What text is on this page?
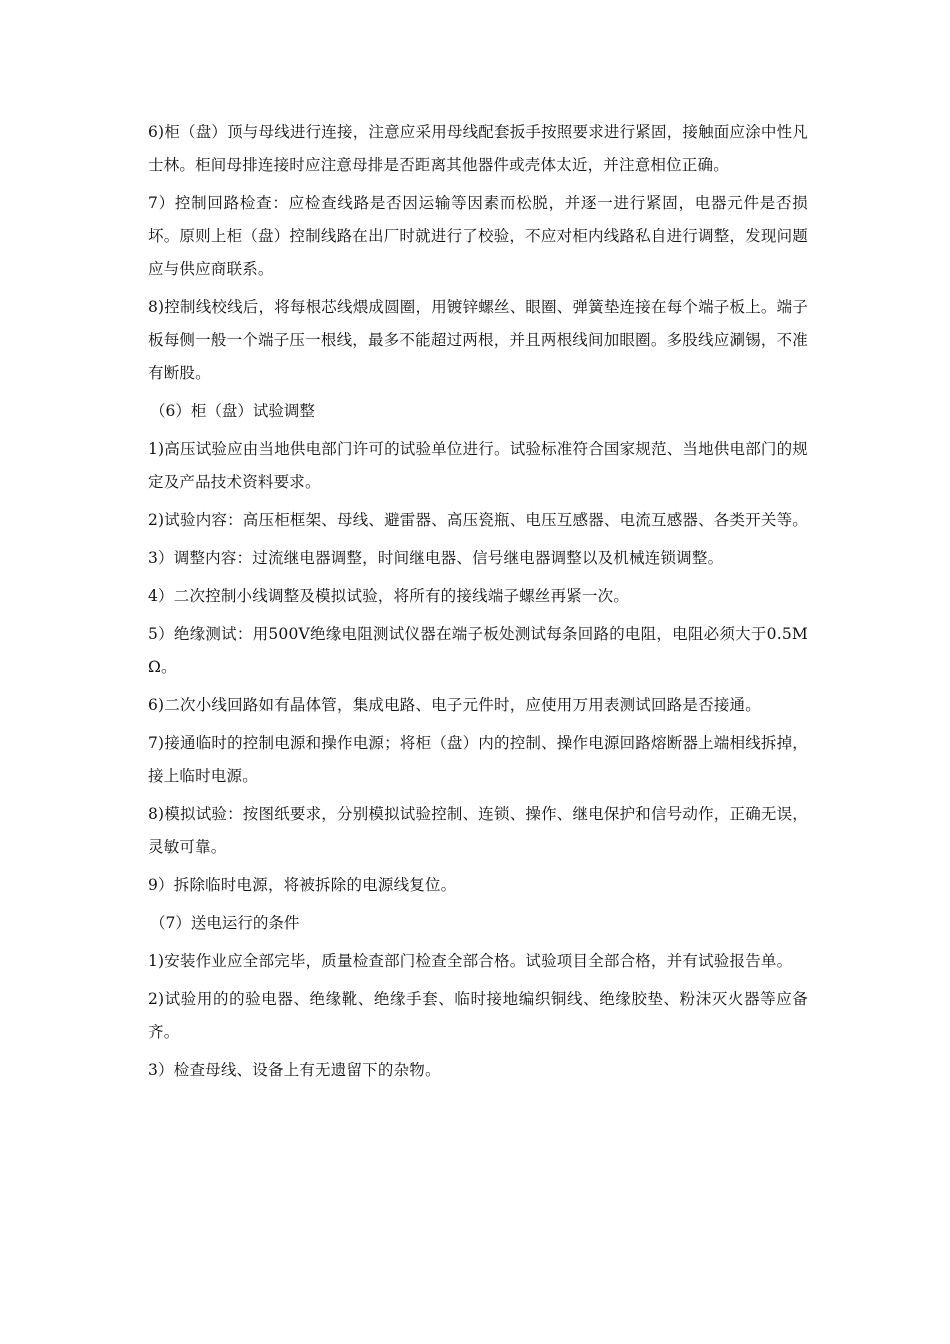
6)柜（盘）顶与母线进行连接，注意应采用母线配套扳手按照要求进行紧固，接触面应涂中性凡士林。柜间母排连接时应注意母排是否距离其他器件或壳体太近，并注意相位正确。

7）控制回路检查：应检查线路是否因运输等因素而松脱，并逐一进行紧固，电器元件是否损坏。原则上柜（盘）控制线路在出厂时就进行了校验，不应对柜内线路私自进行调整，发现问题应与供应商联系。

8)控制线校线后，将每根芯线煨成圆圈，用镀锌螺丝、眼圈、弹簧垫连接在每个端子板上。端子板每侧一般一个端子压一根线，最多不能超过两根，并且两根线间加眼圈。多股线应涮锡，不准有断股。

（6）柜（盘）试验调整

1)高压试验应由当地供电部门许可的试验单位进行。试验标准符合国家规范、当地供电部门的规定及产品技术资料要求。

2)试验内容：高压柜框架、母线、避雷器、高压瓷瓶、电压互感器、电流互感器、各类开关等。

3）调整内容：过流继电器调整，时间继电器、信号继电器调整以及机械连锁调整。

4）二次控制小线调整及模拟试验，将所有的接线端子螺丝再紧一次。

5）绝缘测试：用500V绝缘电阻测试仪器在端子板处测试每条回路的电阻，电阻必须大于0.5MΩ。

6)二次小线回路如有晶体管，集成电路、电子元件时，应使用万用表测试回路是否接通。

7)接通临时的控制电源和操作电源；将柜（盘）内的控制、操作电源回路熔断器上端相线拆掉，接上临时电源。

8)模拟试验：按图纸要求，分别模拟试验控制、连锁、操作、继电保护和信号动作，正确无误，灵敏可靠。

9）拆除临时电源，将被拆除的电源线复位。

（7）送电运行的条件

1)安装作业应全部完毕，质量检查部门检查全部合格。试验项目全部合格，并有试验报告单。

2)试验用的的验电器、绝缘靴、绝缘手套、临时接地编织铜线、绝缘胶垫、粉沫灭火器等应备齐。

3）检查母线、设备上有无遗留下的杂物。
